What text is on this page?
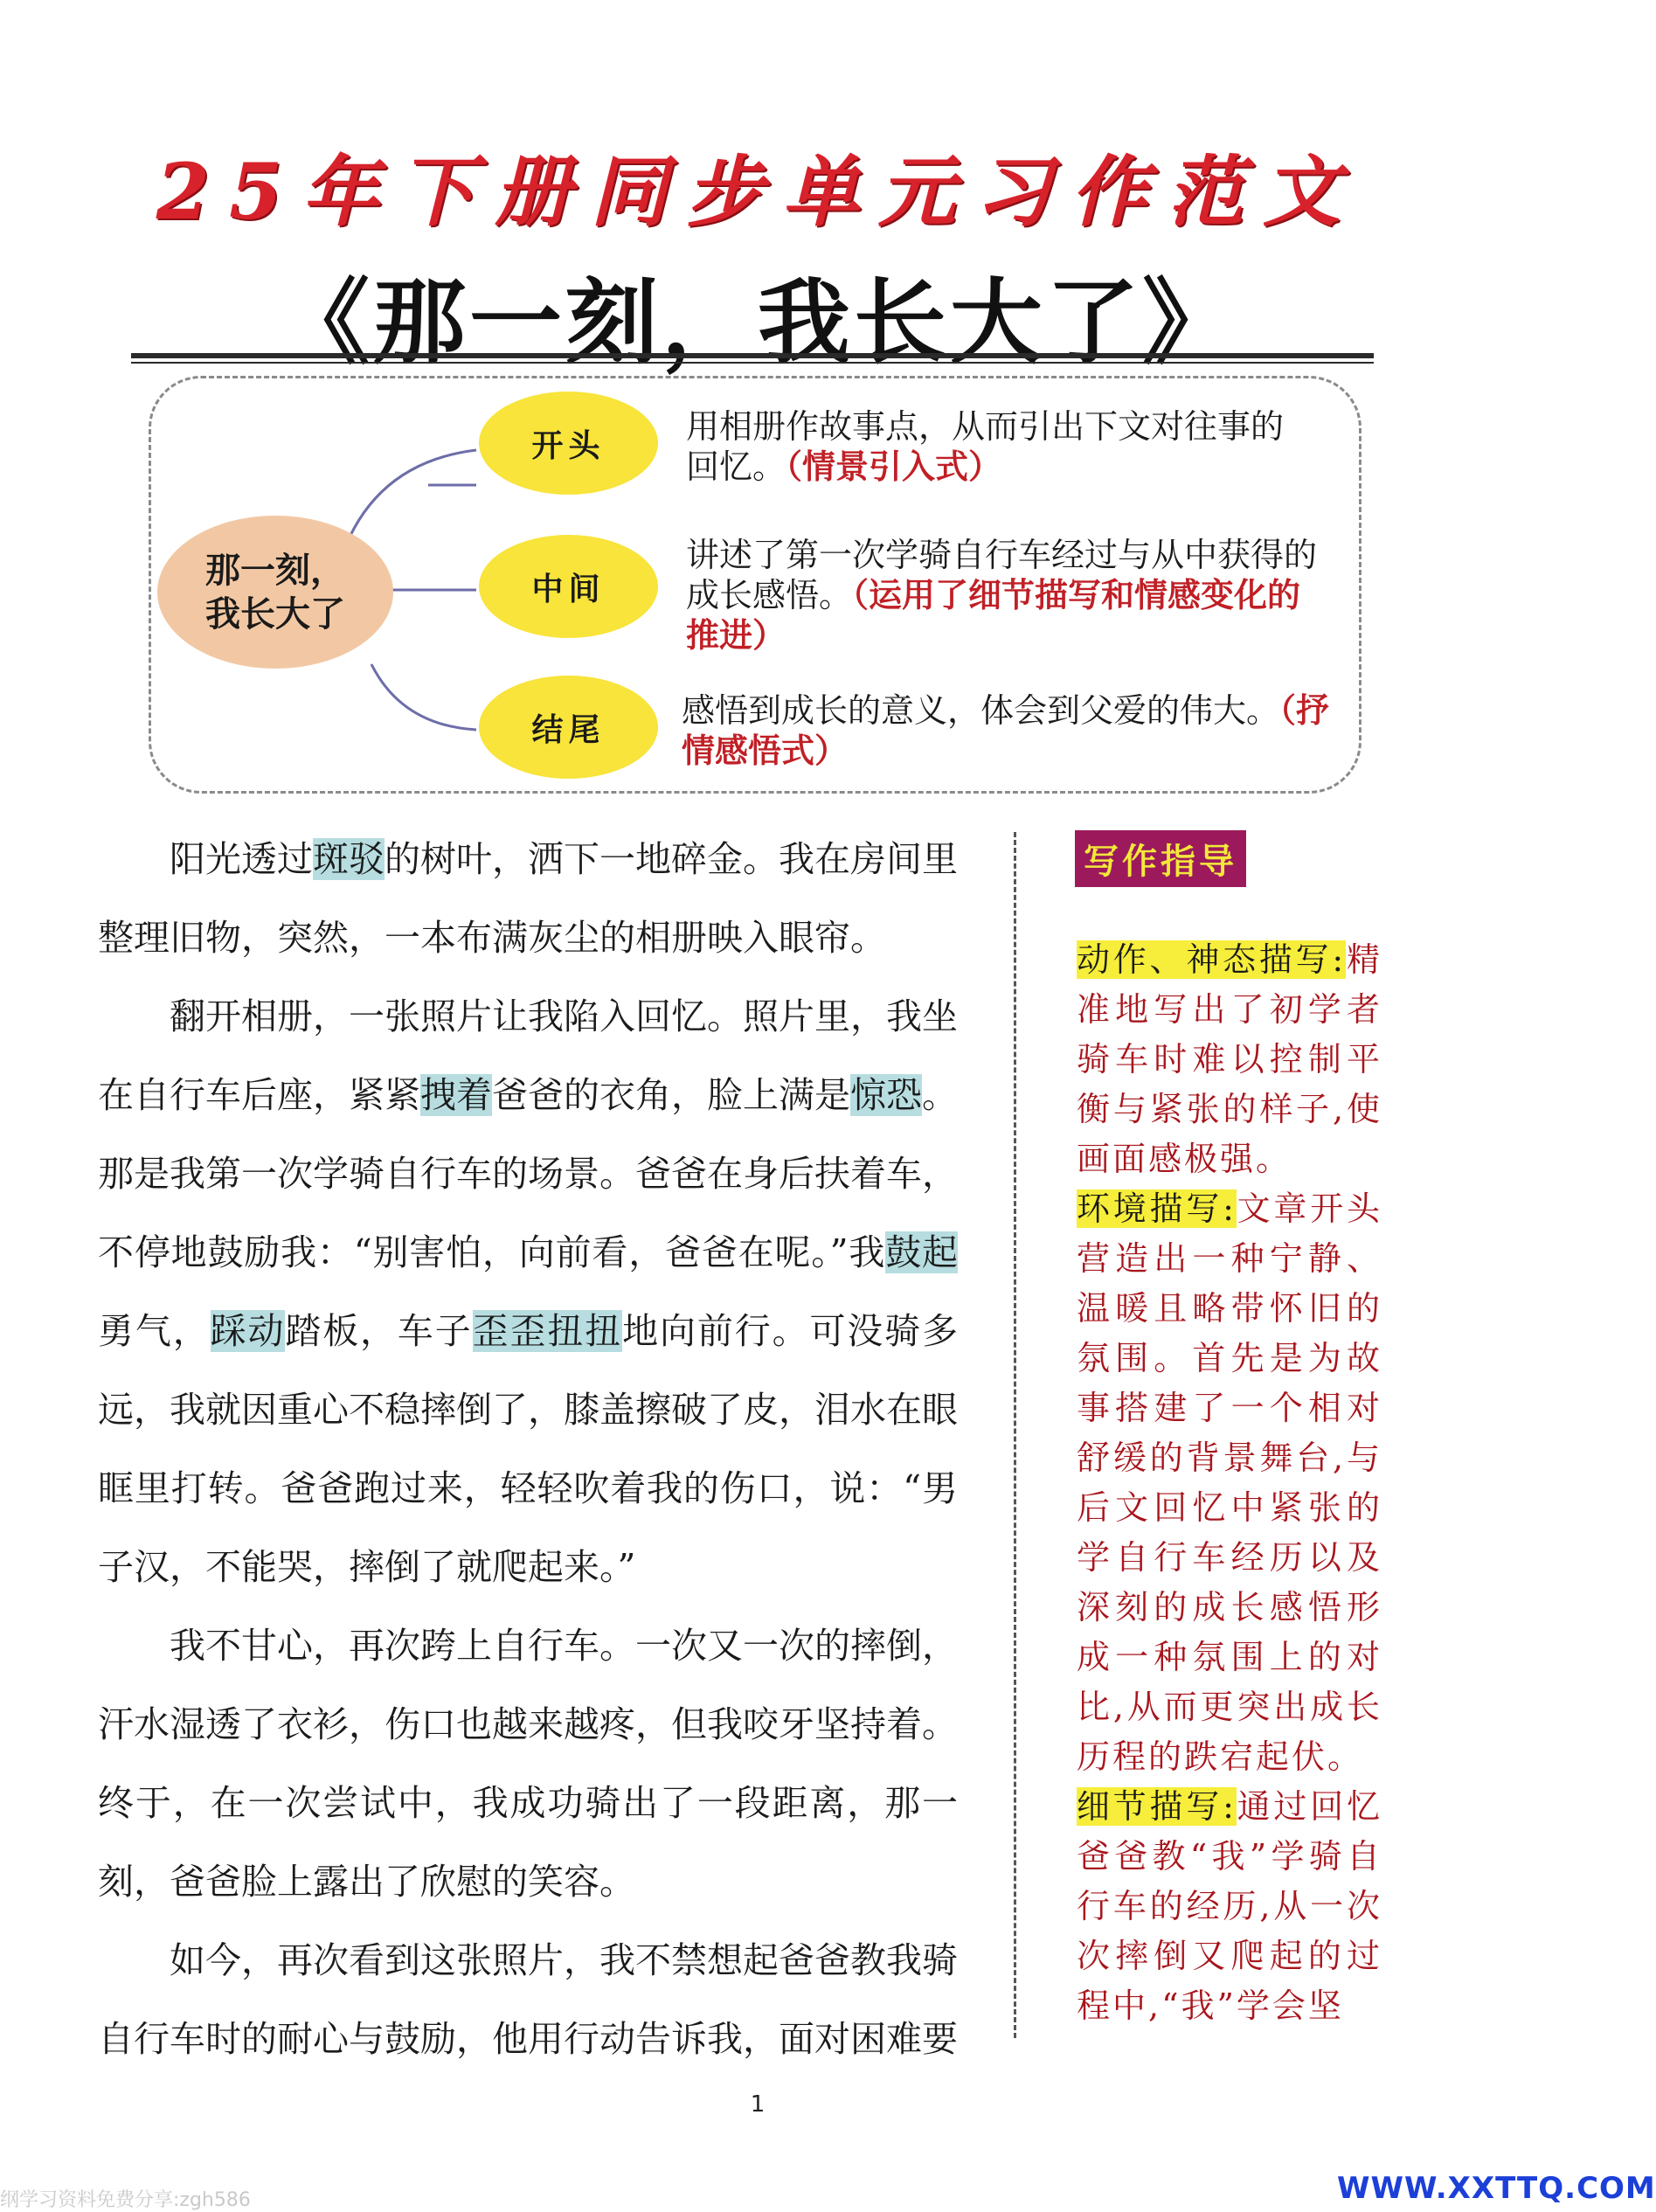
25年下册同步单元习作范文
《那一刻，我长大了》
那一刻，
我长大了
开头
中间
结尾
用相册作故事点，从而引出下文对往事的回忆。（情景引入式）
讲述了第一次学骑自行车经过与从中获得的成长感悟。（运用了细节描写和情感变化的推进）
感悟到成长的意义，体会到父爱的伟大。（抒情感悟式）

阳光透过斑驳的树叶，洒下一地碎金。我在房间里整理旧物，突然，一本布满灰尘的相册映入眼帘。

翻开相册，一张照片让我陷入回忆。照片里，我坐在自行车后座，紧紧拽着爸爸的衣角，脸上满是惊恐。那是我第一次学骑自行车的场景。爸爸在身后扶着车，不停地鼓励我：“别害怕，向前看，爸爸在呢。”我鼓起勇气，踩动踏板，车子歪歪扭扭地向前行。可没骑多远，我就因重心不稳摔倒了，膝盖擦破了皮，泪水在眼眶里打转。爸爸跑过来，轻轻吹着我的伤口，说：“男子汉，不能哭，摔倒了就爬起来。”

我不甘心，再次跨上自行车。一次又一次的摔倒，汗水湿透了衣衫，伤口也越来越疼，但我咬牙坚持着。终于，在一次尝试中，我成功骑出了一段距离，那一刻，爸爸脸上露出了欣慰的笑容。

如今，再次看到这张照片，我不禁想起爸爸教我骑自行车时的耐心与鼓励，他用行动告诉我，面对困难要

写作指导

动作、神态描写:精准地写出了初学者骑车时难以控制平衡与紧张的样子,使画面感极强。

环境描写:文章开头营造出一种宁静、温暖且略带怀旧的氛围。首先是为故事搭建了一个相对舒缓的背景舞台,与后文回忆中紧张的学自行车经历以及深刻的成长感悟形成一种氛围上的对比,从而更突出成长历程的跌宕起伏。

细节描写:通过回忆爸爸教“我”学骑自行车的经历,从一次次摔倒又爬起的过程中,“我”学会坚

1
纲学习资料免费分享:zgh586	WWW.XXTTQ.COM
